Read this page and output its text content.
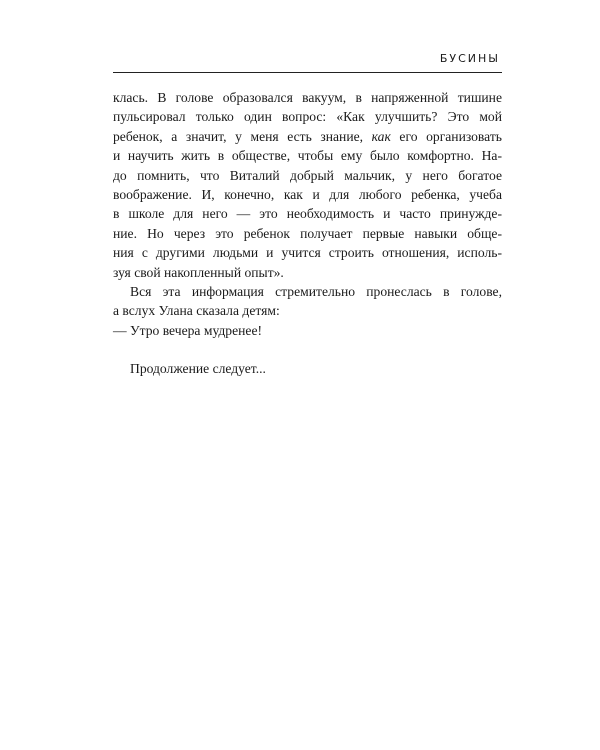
БУСИНЫ
клась. В голове образовался вакуум, в напряженной тишине
пульсировал только один вопрос: «Как улучшить? Это мой
ребенок, а значит, у меня есть знание, как его организовать
и научить жить в обществе, чтобы ему было комфортно. На-
до помнить, что Виталий добрый мальчик, у него богатое
воображение. И, конечно, как и для любого ребенка, учеба
в школе для него — это необходимость и часто принужде-
ние. Но через это ребенок получает первые навыки обще-
ния с другими людьми и учится строить отношения, исполь-
зуя свой накопленный опыт».
Вся эта информация стремительно пронеслась в голове,
а вслух Улана сказала детям:
— Утро вечера мудренее!
Продолжение следует...
